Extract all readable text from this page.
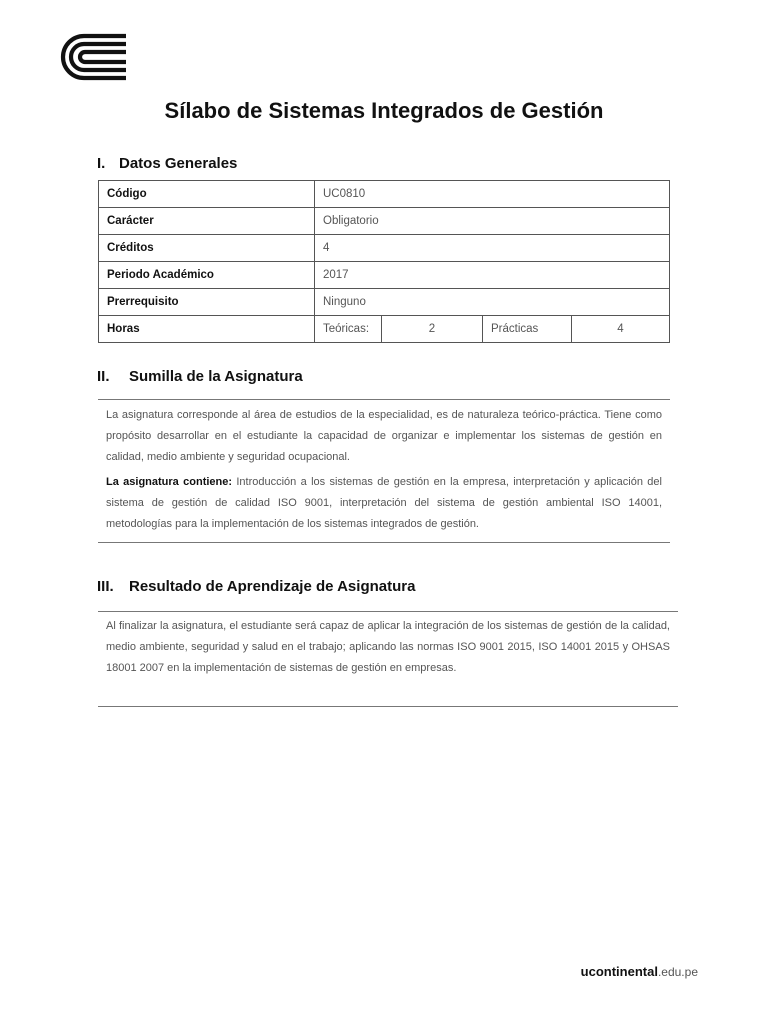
Sílabo de Sistemas Integrados de Gestión
I. Datos Generales
Código	UC0810			
Carácter	Obligatorio			
Créditos	4			
Periodo Académico	2017			
Prerrequisito	Ninguno			
Horas	Teóricas:	2	Prácticas	4
II. Sumilla de la Asignatura

La asignatura corresponde al área de estudios de la especialidad, es de naturaleza teórico-práctica. Tiene como propósito desarrollar en el estudiante la capacidad de organizar e implementar los sistemas de gestión en calidad, medio ambiente y seguridad ocupacional.

La asignatura contiene: Introducción a los sistemas de gestión en la empresa, interpretación y aplicación del sistema de gestión de calidad ISO 9001, interpretación del sistema de gestión ambiental ISO 14001, metodologías para la implementación de los sistemas integrados de gestión.

III. Resultado de Aprendizaje de Asignatura

Al finalizar la asignatura, el estudiante será capaz de aplicar la integración de los sistemas de gestión de la calidad, medio ambiente, seguridad y salud en el trabajo; aplicando las normas ISO 9001 2015, ISO 14001 2015 y OHSAS 18001 2007 en la implementación de sistemas de gestión en empresas.

ucontinental.edu.pe
